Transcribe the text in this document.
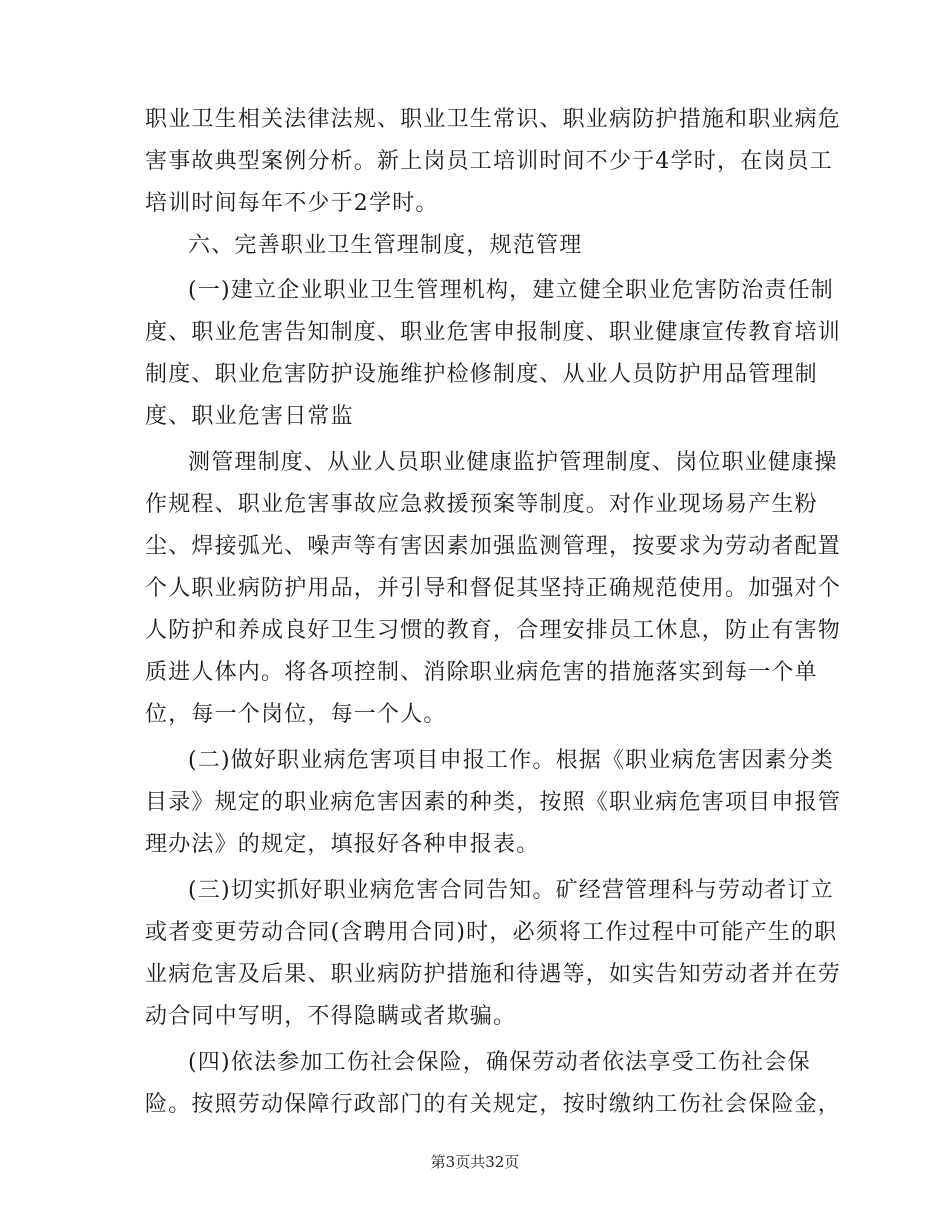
职业卫生相关法律法规、职业卫生常识、职业病防护措施和职业病危
害事故典型案例分析。新上岗员工培训时间不少于4学时，在岗员工
培训时间每年不少于2学时。
六、完善职业卫生管理制度，规范管理
(一)建立企业职业卫生管理机构，建立健全职业危害防治责任制
度、职业危害告知制度、职业危害申报制度、职业健康宣传教育培训
制度、职业危害防护设施维护检修制度、从业人员防护用品管理制
度、职业危害日常监
测管理制度、从业人员职业健康监护管理制度、岗位职业健康操
作规程、职业危害事故应急救援预案等制度。对作业现场易产生粉
尘、焊接弧光、噪声等有害因素加强监测管理，按要求为劳动者配置
个人职业病防护用品，并引导和督促其坚持正确规范使用。加强对个
人防护和养成良好卫生习惯的教育，合理安排员工休息，防止有害物
质进人体内。将各项控制、消除职业病危害的措施落实到每一个单
位，每一个岗位，每一个人。
(二)做好职业病危害项目申报工作。根据《职业病危害因素分类
目录》规定的职业病危害因素的种类，按照《职业病危害项目申报管
理办法》的规定，填报好各种申报表。
(三)切实抓好职业病危害合同告知。矿经营管理科与劳动者订立
或者变更劳动合同(含聘用合同)时，必须将工作过程中可能产生的职
业病危害及后果、职业病防护措施和待遇等，如实告知劳动者并在劳
动合同中写明，不得隐瞒或者欺骗。
(四)依法参加工伤社会保险，确保劳动者依法享受工伤社会保
险。按照劳动保障行政部门的有关规定，按时缴纳工伤社会保险金，
第3页共32页
